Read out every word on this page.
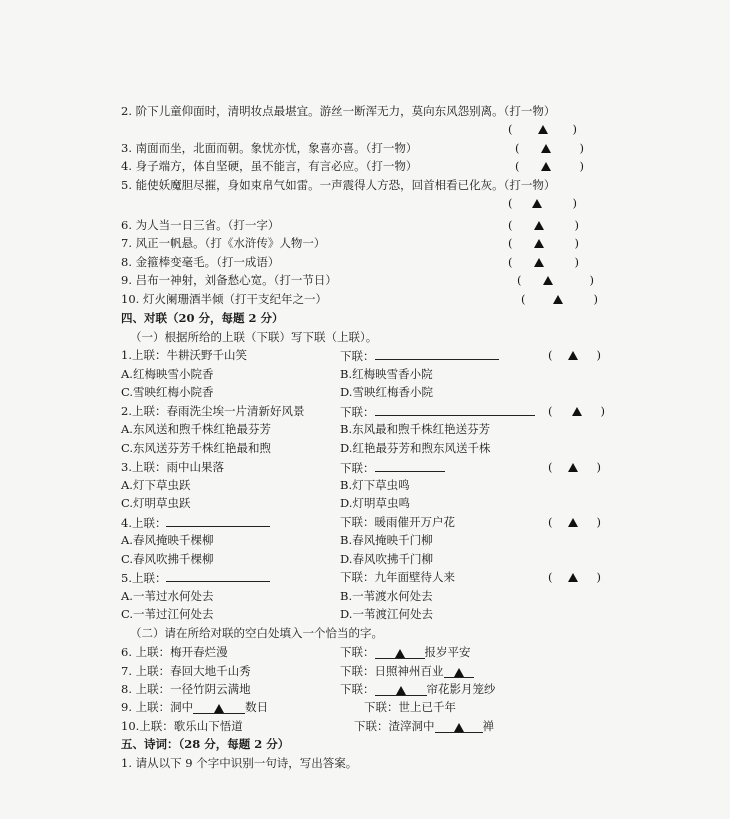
2. 阶下儿童仰面时，清明妆点最堪宜。游丝一断浑无力，莫向东风怨别离。（打一物）
(	)
3. 南面而坐，北面而朝。象忧亦忧，象喜亦喜。（打一物）	(	)
4. 身子端方，体自坚硬，虽不能言，有言必应。（打一物）	(	)
5. 能使妖魔胆尽摧，身如束帛气如雷。一声震得人方恐，回首相看已化灰。（打一物）
(	)
6. 为人当一日三省。（打一字）	(	)
7. 风正一帆悬。（打《水浒传》人物一）	(	)
8. 金箍棒变毫毛。（打一成语）	(	)
9. 吕布一神射，刘备愁心宽。（打一节日）	(	)
10. 灯火阑珊酒半倾（打干支纪年之一）	(	)
四、对联（20 分，每题 2 分）
（一）根据所给的上联（下联）写下联（上联）。
1.上联：牛耕沃野千山笑	下联：	(	)
A.红梅映雪小院香	B.红梅映雪香小院
C.雪映红梅小院香	D.雪映红梅香小院
2.上联：春雨洗尘埃一片清新好风景	下联：	(	)
A.东风送和煦千株红艳最芬芳	B.东风最和煦千株红艳送芬芳
C.东风送芬芳千株红艳最和煦	D.红艳最芬芳和煦东风送千株
3.上联：雨中山果落	下联：	(	)
A.灯下草虫跃	B.灯下草虫鸣
C.灯明草虫跃	D.灯明草虫鸣
4.上联：	下联：暖雨催开万户花	(	)
A.春风掩映千棵柳	B.春风掩映千门柳
C.春风吹拂千棵柳	D.春风吹拂千门柳
5.上联：	下联：九年面壁待人来	(	)
A.一苇过水何处去	B.一苇渡水何处去
C.一苇过江何处去	D.一苇渡江何处去
（二）请在所给对联的空白处填入一个恰当的字。
6. 上联：梅开春烂漫	下联：	报岁平安
7. 上联：春回大地千山秀	下联：日照神州百业
8. 上联：一径竹阴云满地	下联：	帘花影月笼纱
9. 上联：洞中	数日	下联：世上已千年
10.上联：歌乐山下悟道	下联：渣滓洞中	禅
五、诗词：（28 分，每题 2 分）
1. 请从以下 9 个字中识别一句诗，写出答案。
